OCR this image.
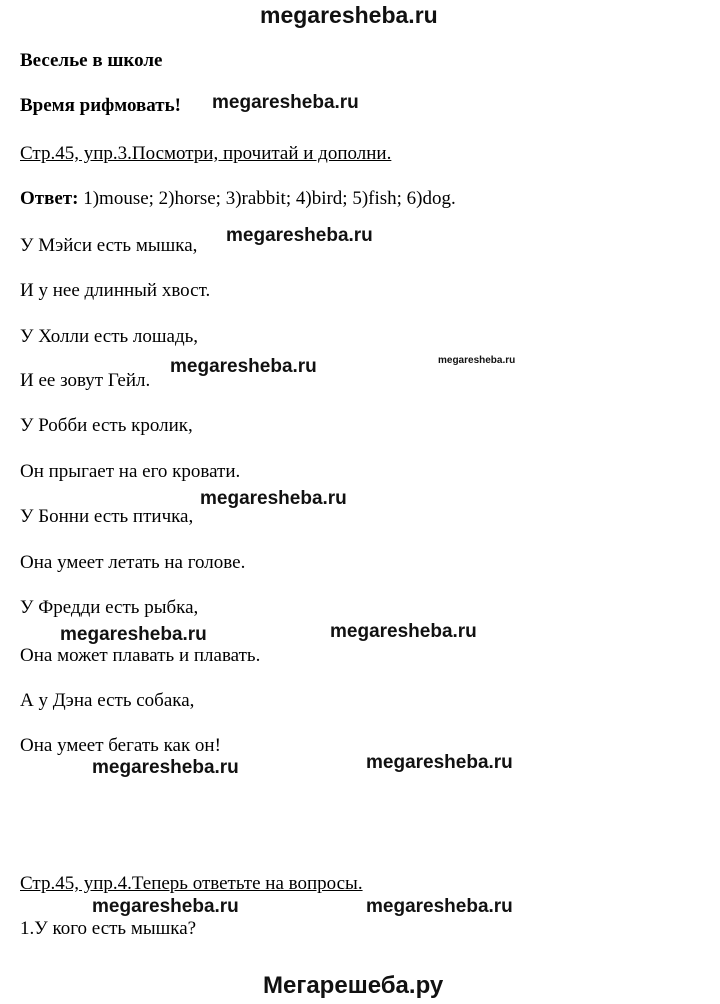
megaresheba.ru
Веселье в школе
Время рифмовать! megaresheba.ru
Стр.45, упр.3.Посмотри, прочитай и дополни.
Ответ: 1)mouse; 2)horse; 3)rabbit; 4)bird; 5)fish; 6)dog.
У Мэйси есть мышка, megaresheba.ru
И у нее длинный хвост.
У Холли есть лошадь,
И ее зовут Гейл.
megaresheba.ru	megaresheba.ru
У Робби есть кролик,
Он прыгает на его кровати.
megaresheba.ru
У Бонни есть птичка,
Она умеет летать на голове.
У Фредди есть рыбка,
megaresheba.ru	megaresheba.ru
Она может плавать и плавать.
А у Дэна есть собака,
Она умеет бегать как он!
megaresheba.ru	megaresheba.ru
Стр.45, упр.4.Теперь ответьте на вопросы.
megaresheba.ru	megaresheba.ru
1.У кого есть мышка?
Мегарешеба.ру
